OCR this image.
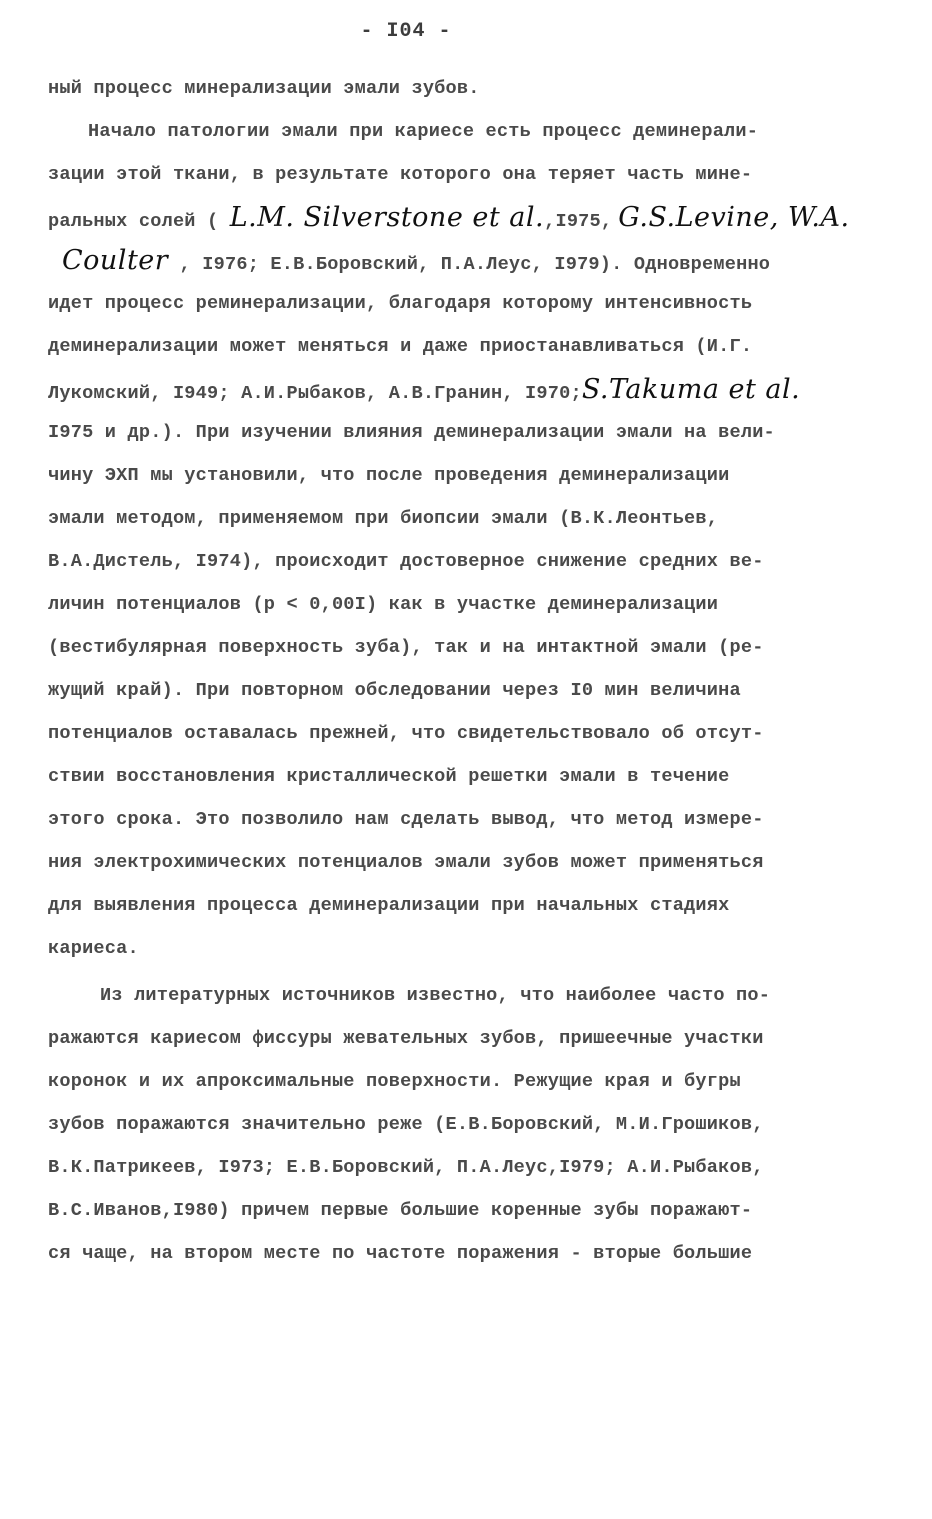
- I04 -
ный процесс минерализации эмали зубов.
Начало патологии эмали при кариесе есть процесс деминерали-
зации этой ткани, в результате которого она теряет часть мине-
ральных солей ( L.M. Silverstone et al.,I975, G.S.Levine, W.A.
Coulter , I976; Е.В.Боровский, П.А.Леус, I979). Одновременно
идет процесс реминерализации, благодаря которому интенсивность
деминерализации может меняться и даже приостанавливаться (И.Г.
Лукомский, I949; А.И.Рыбаков, А.В.Гранин, I970;S.Takuma et al.
I975 и др.). При изучении влияния деминерализации эмали на вели-
чину ЭХП мы установили, что после проведения деминерализации
эмали методом, применяемом при биопсии эмали (В.К.Леонтьев,
В.А.Дистель, I974), происходит достоверное снижение средних ве-
личин потенциалов (p < 0,00I) как в участке деминерализации
(вестибулярная поверхность зуба), так и на интактной эмали (ре-
жущий край). При повторном обследовании через I0 мин величина
потенциалов оставалась прежней, что свидетельствовало об отсут-
ствии восстановления кристаллической решетки эмали в течение
этого срока. Это позволило нам сделать вывод, что метод измере-
ния электрохимических потенциалов эмали зубов может применяться
для выявления процесса деминерализации при начальных стадиях
кариеса.
Из литературных источников известно, что наиболее часто по-
ражаются кариесом фиссуры жевательных зубов, пришеечные участки
коронок и их апроксимальные поверхности. Режущие края и бугры
зубов поражаются значительно реже (Е.В.Боровский, М.И.Грошиков,
В.К.Патрикеев, I973; Е.В.Боровский, П.А.Леус,I979; А.И.Рыбаков,
В.С.Иванов,I980) причем первые большие коренные зубы поражают-
ся чаще, на втором месте по частоте поражения - вторые большие
